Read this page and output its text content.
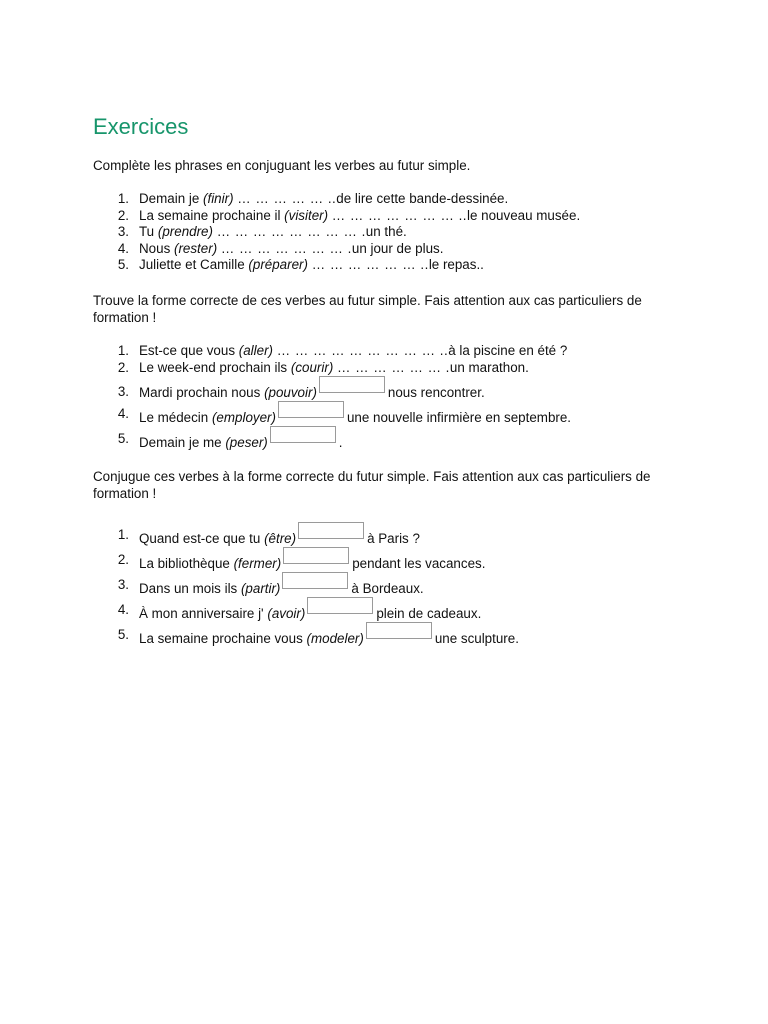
Exercices
Complète les phrases en conjuguant les verbes au futur simple.
1. Demain je (finir) … … … … … ..de lire cette bande-dessinée.
2. La semaine prochaine il (visiter) … … … … … … … ..le nouveau musée.
3. Tu (prendre) … … … … … … … … .un thé.
4. Nous (rester) … … … … … … … .un jour de plus.
5. Juliette et Camille (préparer) … … … … … … ..le repas..
Trouve la forme correcte de ces verbes au futur simple. Fais attention aux cas particuliers de formation !
1. Est-ce que vous (aller) … … … … … … … … … ..à la piscine en été ?
2. Le week-end prochain ils (courir) … … … … … … .un marathon.
3. Mardi prochain nous (pouvoir)	nous rencontrer.
4. Le médecin (employer)	une nouvelle infirmière en septembre.
5. Demain je me (peser)	.
Conjugue ces verbes à la forme correcte du futur simple. Fais attention aux cas particuliers de formation !
1. Quand est-ce que tu (être)	à Paris ?
2. La bibliothèque (fermer)	pendant les vacances.
3. Dans un mois ils (partir)	à Bordeaux.
4. À mon anniversaire j' (avoir)	plein de cadeaux.
5. La semaine prochaine vous (modeler)	une sculpture.
